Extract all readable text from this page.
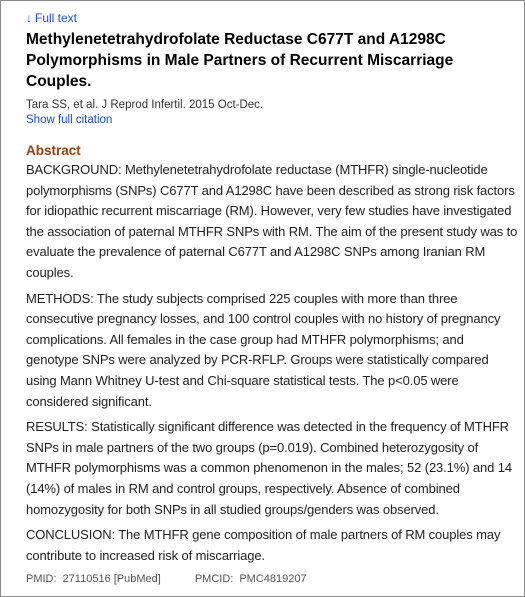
↓ Full text
Methylenetetrahydrofolate Reductase C677T and A1298C Polymorphisms in Male Partners of Recurrent Miscarriage Couples.

Tara SS, et al. J Reprod Infertil. 2015 Oct-Dec.

Show full citation
Abstract

BACKGROUND: Methylenetetrahydrofolate reductase (MTHFR) single-nucleotide polymorphisms (SNPs) C677T and A1298C have been described as strong risk factors for idiopathic recurrent miscarriage (RM). However, very few studies have investigated the association of paternal MTHFR SNPs with RM. The aim of the present study was to evaluate the prevalence of paternal C677T and A1298C SNPs among Iranian RM couples.

METHODS: The study subjects comprised 225 couples with more than three consecutive pregnancy losses, and 100 control couples with no history of pregnancy complications. All females in the case group had MTHFR polymorphisms; and genotype SNPs were analyzed by PCR-RFLP. Groups were statistically compared using Mann Whitney U-test and Chi-square statistical tests. The p<0.05 were considered significant.

RESULTS: Statistically significant difference was detected in the frequency of MTHFR SNPs in male partners of the two groups (p=0.019). Combined heterozygosity of MTHFR polymorphisms was a common phenomenon in the males; 52 (23.1%) and 14 (14%) of males in RM and control groups, respectively. Absence of combined homozygosity for both SNPs in all studied groups/genders was observed.

CONCLUSION: The MTHFR gene composition of male partners of RM couples may contribute to increased risk of miscarriage.

PMID: 27110516 [PubMed]	PMCID: PMC4819207
